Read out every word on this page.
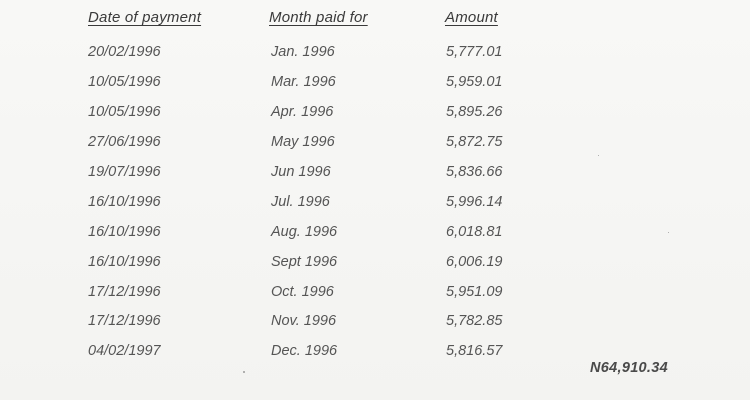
Date of payment	Month paid for	Amount
20/02/1996	Jan. 1996	5,777.01
10/05/1996	Mar. 1996	5,959.01
10/05/1996	Apr. 1996	5,895.26
27/06/1996	May 1996	5,872.75
19/07/1996	Jun 1996	5,836.66
16/10/1996	Jul. 1996	5,996.14
16/10/1996	Aug. 1996	6,018.81
16/10/1996	Sept 1996	6,006.19
17/12/1996	Oct. 1996	5,951.09
17/12/1996	Nov. 1996	5,782.85
04/02/1997	Dec. 1996	5,816.57
N64,910.34
